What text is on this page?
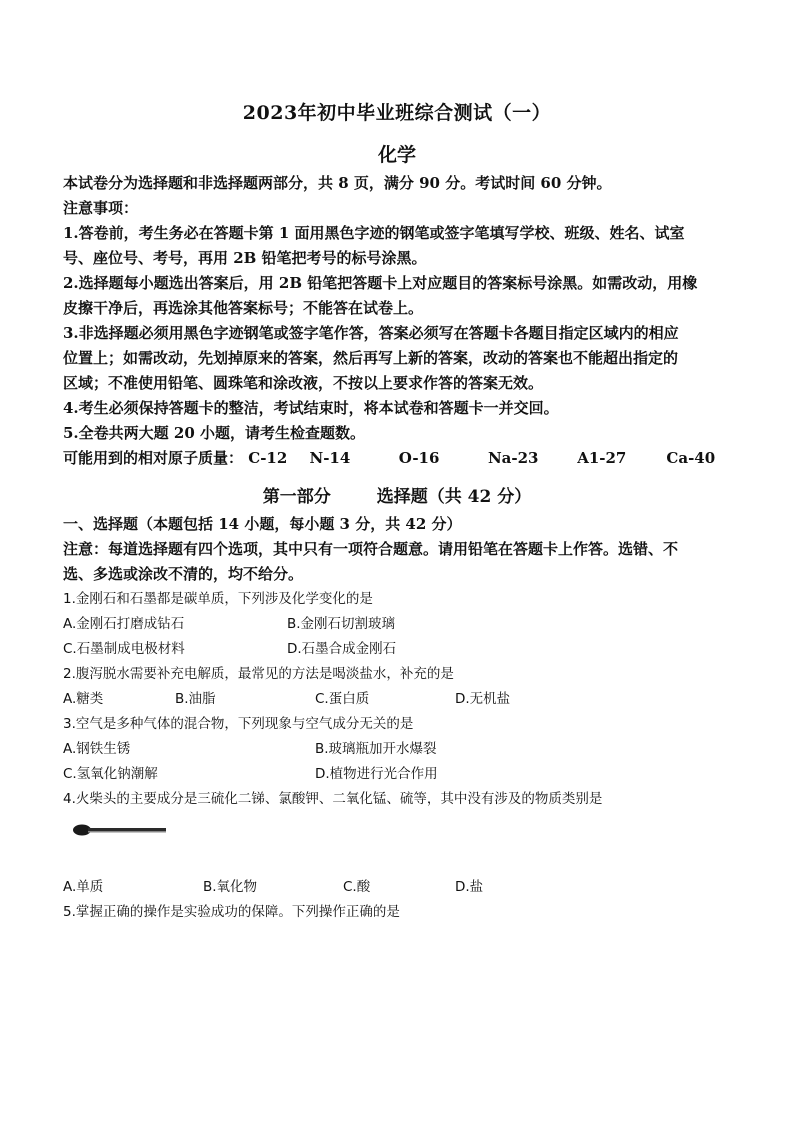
2023年初中毕业班综合测试（一）
化学
本试卷分为选择题和非选择题两部分，共 8 页，满分 90 分。考试时间 60 分钟。
注意事项：
1.答卷前，考生务必在答题卡第 1 面用黑色字迹的钢笔或签字笔填写学校、班级、姓名、试室
号、座位号、考号，再用 2B 铅笔把考号的标号涂黑。
2.选择题每小题选出答案后，用 2B 铅笔把答题卡上对应题目的答案标号涂黑。如需改动，用橡
皮擦干净后，再选涂其他答案标号；不能答在试卷上。
3.非选择题必须用黑色字迹钢笔或签字笔作答，答案必须写在答题卡各题目指定区域内的相应
位置上；如需改动，先划掉原来的答案，然后再写上新的答案，改动的答案也不能超出指定的
区域；不准使用铅笔、圆珠笔和涂改液，不按以上要求作答的答案无效。
4.考生必须保持答题卡的整洁，考试结束时，将本试卷和答题卡一并交回。
5.全卷共两大题 20 小题，请考生检查题数。
可能用到的相对原子质量： C-12 N-14	O-16	Na-23	A1-27	Ca-40
第一部分	选择题（共 42 分）
一、选择题（本题包括 14 小题，每小题 3 分，共 42 分）
注意：每道选择题有四个选项，其中只有一项符合题意。请用铅笔在答题卡上作答。选错、不
选、多选或涂改不清的，均不给分。
1.金刚石和石墨都是碳单质，下列涉及化学变化的是
A.金刚石打磨成钻石	B.金刚石切割玻璃
C.石墨制成电极材料	D.石墨合成金刚石
2.腹泻脱水需要补充电解质，最常见的方法是喝淡盐水，补充的是
A.糖类	B.油脂	C.蛋白质	D.无机盐
3.空气是多种气体的混合物，下列现象与空气成分无关的是
A.钢铁生锈	B.玻璃瓶加开水爆裂
C.氢氧化钠潮解	D.植物进行光合作用
4.火柴头的主要成分是三硫化二锑、氯酸钾、二氧化锰、硫等，其中没有涉及的物质类别是
A.单质	B.氧化物	C.酸	D.盐
5.掌握正确的操作是实验成功的保障。下列操作正确的是
